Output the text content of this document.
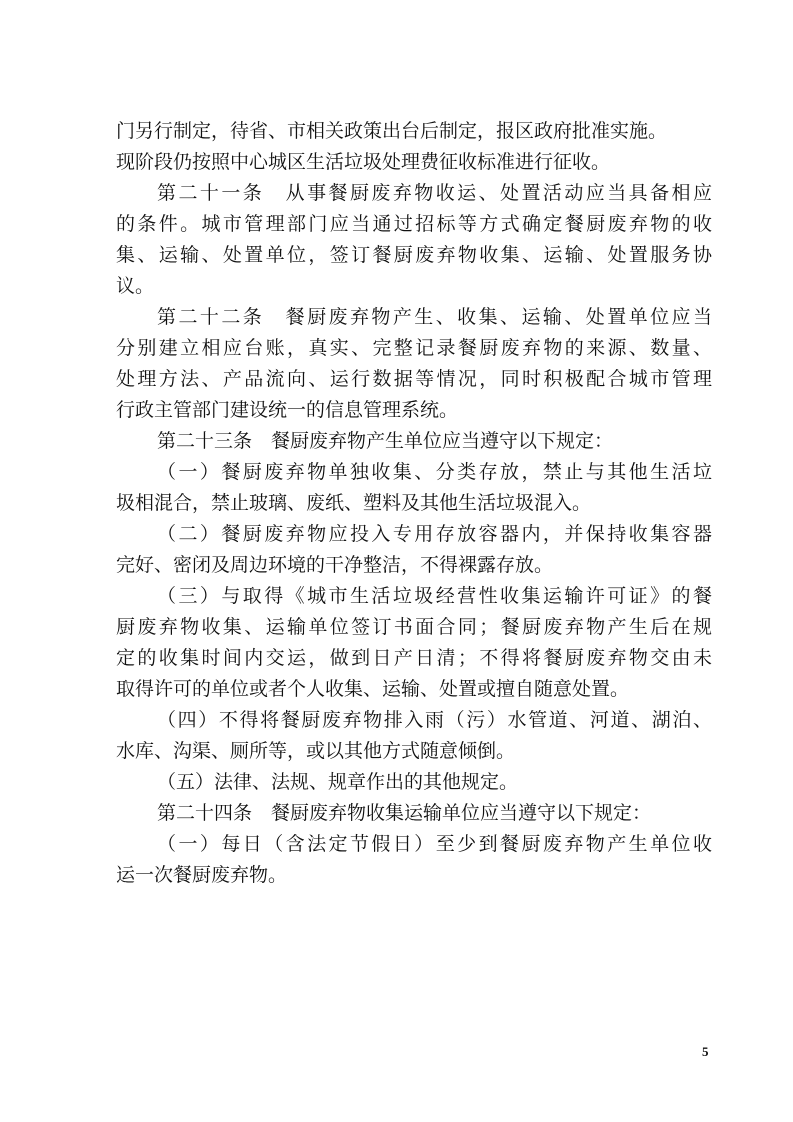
门另行制定，待省、市相关政策出台后制定，报区政府批准实施。
现阶段仍按照中心城区生活垃圾处理费征收标准进行征收。
第二十一条　从事餐厨废弃物收运、处置活动应当具备相应
的条件。城市管理部门应当通过招标等方式确定餐厨废弃物的收
集、运输、处置单位，签订餐厨废弃物收集、运输、处置服务协
议。
第二十二条　餐厨废弃物产生、收集、运输、处置单位应当
分别建立相应台账，真实、完整记录餐厨废弃物的来源、数量、
处理方法、产品流向、运行数据等情况，同时积极配合城市管理
行政主管部门建设统一的信息管理系统。
第二十三条　餐厨废弃物产生单位应当遵守以下规定：
（一）餐厨废弃物单独收集、分类存放，禁止与其他生活垃
圾相混合，禁止玻璃、废纸、塑料及其他生活垃圾混入。
（二）餐厨废弃物应投入专用存放容器内，并保持收集容器
完好、密闭及周边环境的干净整洁，不得裸露存放。
（三）与取得《城市生活垃圾经营性收集运输许可证》的餐
厨废弃物收集、运输单位签订书面合同；餐厨废弃物产生后在规
定的收集时间内交运，做到日产日清；不得将餐厨废弃物交由未
取得许可的单位或者个人收集、运输、处置或擅自随意处置。
（四）不得将餐厨废弃物排入雨（污）水管道、河道、湖泊、
水库、沟渠、厕所等，或以其他方式随意倾倒。
（五）法律、法规、规章作出的其他规定。
第二十四条　餐厨废弃物收集运输单位应当遵守以下规定：
（一）每日（含法定节假日）至少到餐厨废弃物产生单位收
运一次餐厨废弃物。
5
